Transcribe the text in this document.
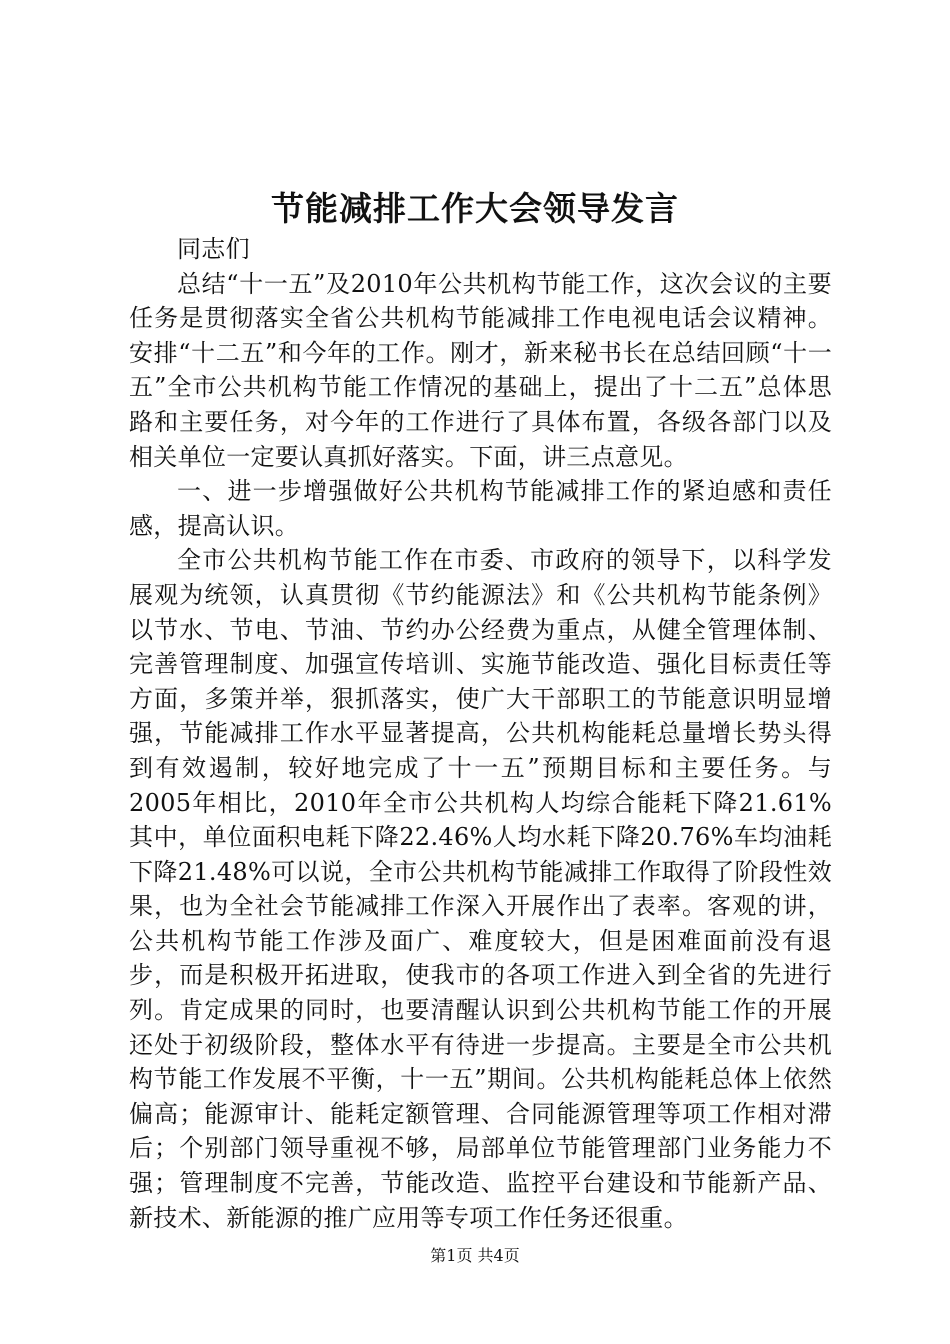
节能减排工作大会领导发言

同志们

总结“十一五”及2010年公共机构节能工作，这次会议的主要任务是贯彻落实全省公共机构节能减排工作电视电话会议精神。安排“十二五”和今年的工作。刚才，新来秘书长在总结回顾“十一五”全市公共机构节能工作情况的基础上，提出了十二五”总体思路和主要任务，对今年的工作进行了具体布置，各级各部门以及相关单位一定要认真抓好落实。下面，讲三点意见。

一、进一步增强做好公共机构节能减排工作的紧迫感和责任感，提高认识。

全市公共机构节能工作在市委、市政府的领导下，以科学发展观为统领，认真贯彻《节约能源法》和《公共机构节能条例》以节水、节电、节油、节约办公经费为重点，从健全管理体制、完善管理制度、加强宣传培训、实施节能改造、强化目标责任等方面，多策并举，狠抓落实，使广大干部职工的节能意识明显增强，节能减排工作水平显著提高，公共机构能耗总量增长势头得到有效遏制，较好地完成了十一五”预期目标和主要任务。与2005年相比，2010年全市公共机构人均综合能耗下降21.61%其中，单位面积电耗下降22.46%人均水耗下降20.76%车均油耗下降21.48%可以说，全市公共机构节能减排工作取得了阶段性效果，也为全社会节能减排工作深入开展作出了表率。客观的讲，公共机构节能工作涉及面广、难度较大，但是困难面前没有退步，而是积极开拓进取，使我市的各项工作进入到全省的先进行列。肯定成果的同时，也要清醒认识到公共机构节能工作的开展还处于初级阶段，整体水平有待进一步提高。主要是全市公共机构节能工作发展不平衡，十一五”期间。公共机构能耗总体上依然偏高；能源审计、能耗定额管理、合同能源管理等项工作相对滞后；个别部门领导重视不够，局部单位节能管理部门业务能力不强；管理制度不完善，节能改造、监控平台建设和节能新产品、新技术、新能源的推广应用等专项工作任务还很重。

第1页 共4页
